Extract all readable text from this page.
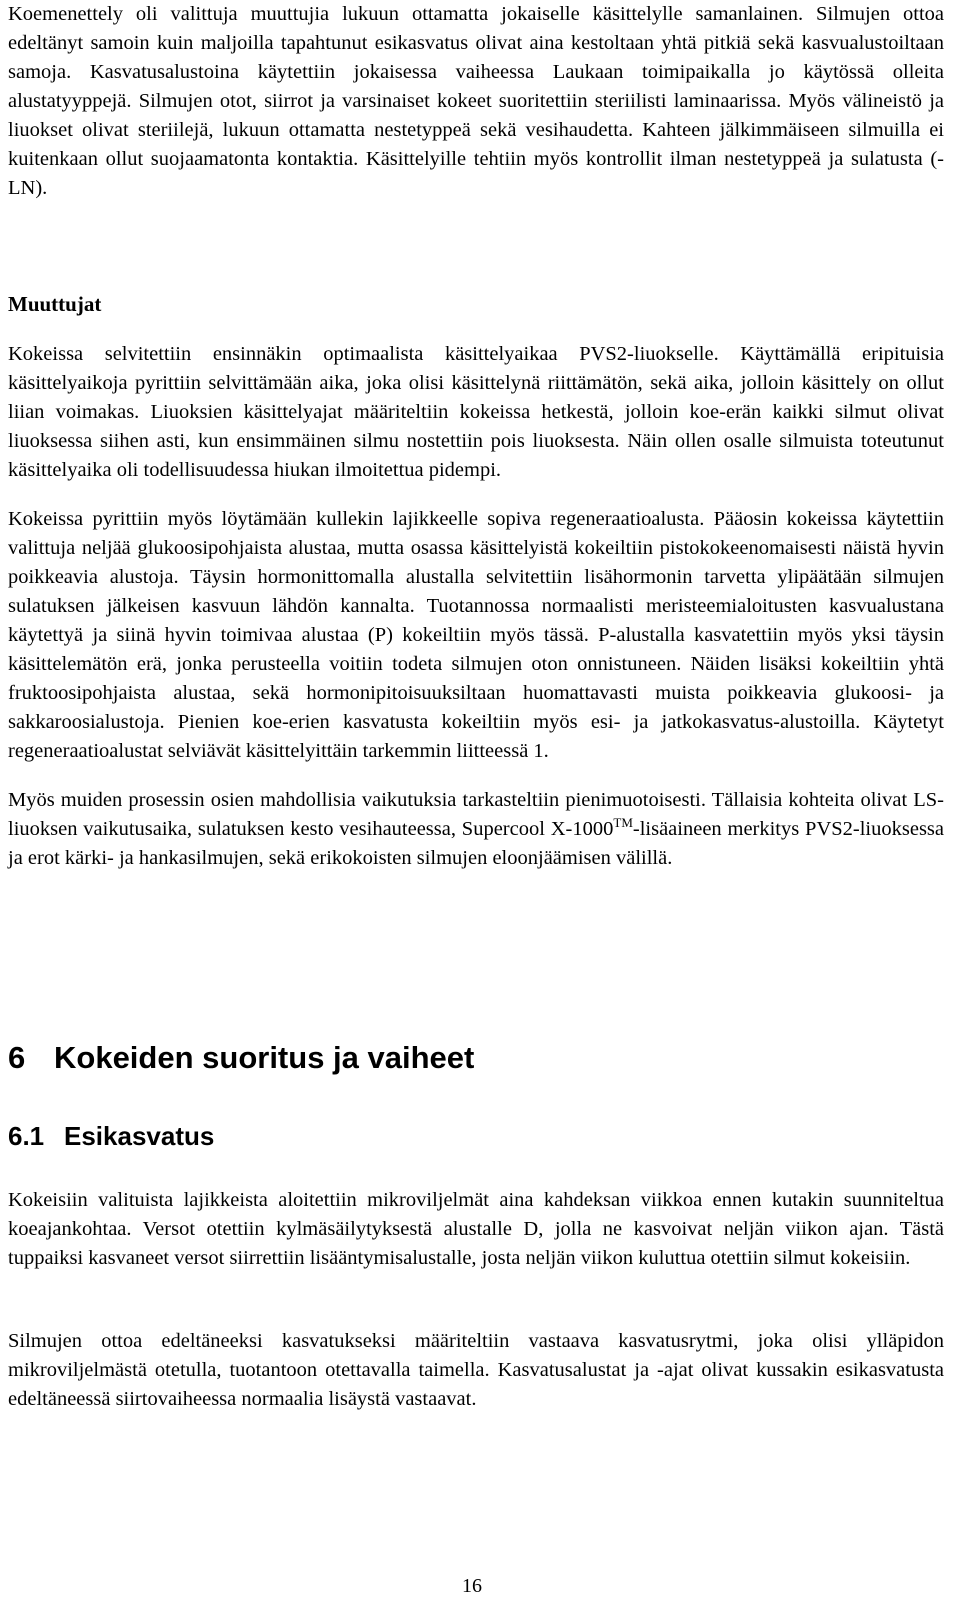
Koemenettely oli valittuja muuttujia lukuun ottamatta jokaiselle käsittelylle samanlainen. Silmujen ottoa edeltänyt samoin kuin maljoilla tapahtunut esikasvatus olivat aina kestoltaan yhtä pitkiä sekä kasvualustoiltaan samoja. Kasvatusalustoina käytettiin jokaisessa vaiheessa Laukaan toimipaikalla jo käytössä olleita alustatyyppejä. Silmujen otot, siirrot ja varsinaiset kokeet suoritettiin steriilisti laminaarissa. Myös välineistö ja liuokset olivat steriilejä, lukuun ottamatta nestetyppeä sekä vesihaudetta. Kahteen jälkimmäiseen silmuilla ei kuitenkaan ollut suojaamatonta kontaktia. Käsittelyille tehtiin myös kontrollit ilman nestetyppeä ja sulatusta (-LN).

Muuttujat

Kokeissa selvitettiin ensinnäkin optimaalista käsittelyaikaa PVS2-liuokselle. Käyttämällä eripituisia käsittelyaikoja pyrittiin selvittämään aika, joka olisi käsittelynä riittämätön, sekä aika, jolloin käsittely on ollut liian voimakas. Liuoksien käsittelyajat määriteltiin kokeissa hetkestä, jolloin koe-erän kaikki silmut olivat liuoksessa siihen asti, kun ensimmäinen silmu nostettiin pois liuoksesta. Näin ollen osalle silmuista toteutunut käsittelyaika oli todellisuudessa hiukan ilmoitettua pidempi.

Kokeissa pyrittiin myös löytämään kullekin lajikkeelle sopiva regeneraatioalusta. Pääosin kokeissa käytettiin valittuja neljää glukoosipohjaista alustaa, mutta osassa käsittelyistä kokeiltiin pistokokeenomaisesti näistä hyvin poikkeavia alustoja. Täysin hormonittomalla alustalla selvitettiin lisähormonin tarvetta ylipäätään silmujen sulatuksen jälkeisen kasvuun lähdön kannalta. Tuotannossa normaalisti meristeemialoitusten kasvualustana käytettyä ja siinä hyvin toimivaa alustaa (P) kokeiltiin myös tässä. P-alustalla kasvatettiin myös yksi täysin käsittelemätön erä, jonka perusteella voitiin todeta silmujen oton onnistuneen. Näiden lisäksi kokeiltiin yhtä fruktoosipohjaista alustaa, sekä hormonipitoisuuksiltaan huomattavasti muista poikkeavia glukoosi- ja sakkaroosialustoja. Pienien koe-erien kasvatusta kokeiltiin myös esi- ja jatkokasvatus-alustoilla. Käytetyt regeneraatioalustat selviävät käsittelyittäin tarkemmin liitteessä 1.

Myös muiden prosessin osien mahdollisia vaikutuksia tarkasteltiin pienimuotoisesti. Tällaisia kohteita olivat LS-liuoksen vaikutusaika, sulatuksen kesto vesihauteessa, Supercool X-1000™-lisäaineen merkitys PVS2-liuoksessa ja erot kärki- ja hankasilmujen, sekä erikokoisten silmujen eloonjäämisen välillä.

6 Kokeiden suoritus ja vaiheet
6.1 Esikasvatus

Kokeisiin valituista lajikkeista aloitettiin mikroviljelmät aina kahdeksan viikkoa ennen kutakin suunniteltua koeajankohtaa. Versot otettiin kylmäsäilytyksestä alustalle D, jolla ne kasvoivat neljän viikon ajan. Tästä tuppaiksi kasvaneet versot siirrettiin lisääntymisalustalle, josta neljän viikon kuluttua otettiin silmut kokeisiin.

Silmujen ottoa edeltäneeksi kasvatukseksi määriteltiin vastaava kasvatusrytmi, joka olisi ylläpidon mikroviljelmästä otetulla, tuotantoon otettavalla taimella. Kasvatusalustat ja -ajat olivat kussakin esikasvatusta edeltäneessä siirtovaiheessa normaalia lisäystä vastaavat.

16
